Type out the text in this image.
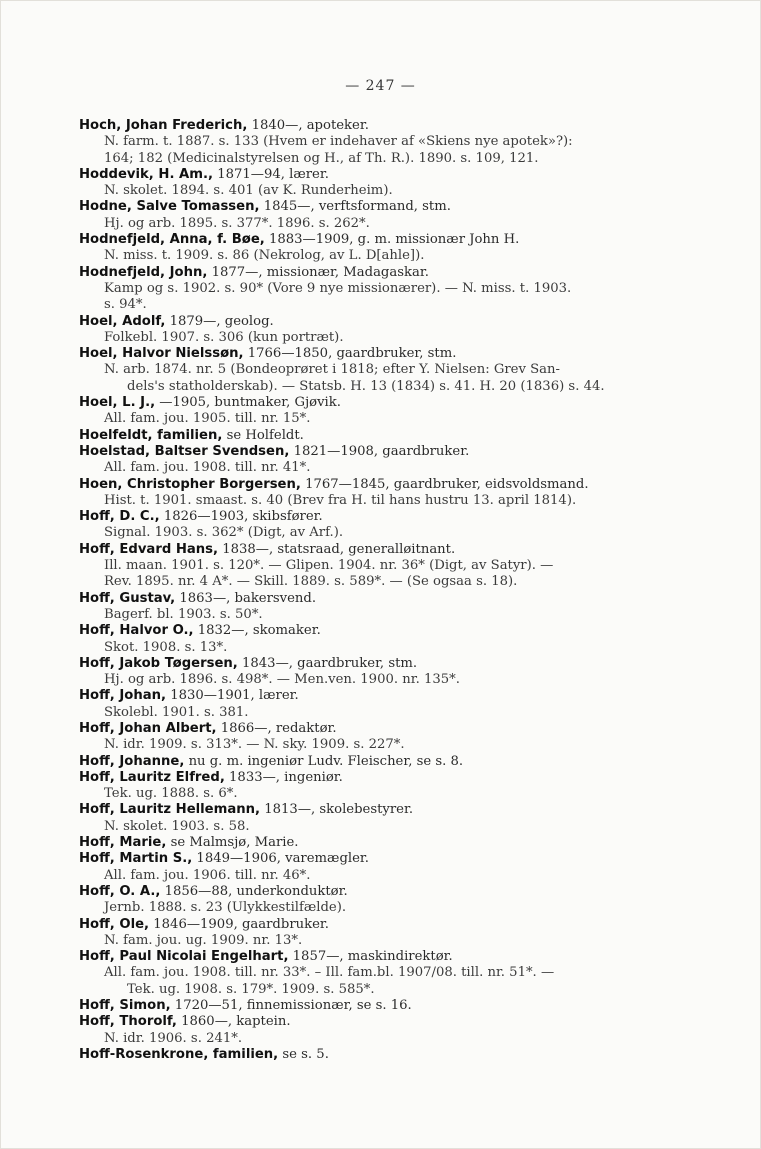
— 247 —
Hoch, Johan Frederich, 1840—, apoteker.
N. farm. t. 1887. s. 133 (Hvem er indehaver af «Skiens nye apotek»?):
164; 182 (Medicinalstyrelsen og H., af Th. R.). 1890. s. 109, 121.
Hoddevik, H. Am., 1871—94, lærer.
N. skolet. 1894. s. 401 (av K. Runderheim).
Hodne, Salve Tomassen, 1845—, verftsformand, stm.
Hj. og arb. 1895. s. 377*. 1896. s. 262*.
Hodnefjeld, Anna, f. Bøe, 1883—1909, g. m. missionær John H.
N. miss. t. 1909. s. 86 (Nekrolog, av L. D[ahle]).
Hodnefjeld, John, 1877—, missionær, Madagaskar.
Kamp og s. 1902. s. 90* (Vore 9 nye missionærer). — N. miss. t. 1903.
s. 94*.
Hoel, Adolf, 1879—, geolog.
Folkebl. 1907. s. 306 (kun portræt).
Hoel, Halvor Nielssøn, 1766—1850, gaardbruker, stm.
N. arb. 1874. nr. 5 (Bondeoprøret i 1818; efter Y. Nielsen: Grev San-
dels's statholderskab). — Statsb. H. 13 (1834) s. 41. H. 20 (1836) s. 44.
Hoel, L. J., —1905, buntmaker, Gjøvik.
All. fam. jou. 1905. till. nr. 15*.
Hoelfeldt, familien, se Holfeldt.
Hoelstad, Baltser Svendsen, 1821—1908, gaardbruker.
All. fam. jou. 1908. till. nr. 41*.
Hoen, Christopher Borgersen, 1767—1845, gaardbruker, eidsvoldsmand.
Hist. t. 1901. smaast. s. 40 (Brev fra H. til hans hustru 13. april 1814).
Hoff, D. C., 1826—1903, skibsfører.
Signal. 1903. s. 362* (Digt, av Arf.).
Hoff, Edvard Hans, 1838—, statsraad, generalløitnant.
Ill. maan. 1901. s. 120*. — Glipen. 1904. nr. 36* (Digt, av Satyr). —
Rev. 1895. nr. 4 A*. — Skill. 1889. s. 589*. — (Se ogsaa s. 18).
Hoff, Gustav, 1863—, bakersvend.
Bagerf. bl. 1903. s. 50*.
Hoff, Halvor O., 1832—, skomaker.
Skot. 1908. s. 13*.
Hoff, Jakob Tøgersen, 1843—, gaardbruker, stm.
Hj. og arb. 1896. s. 498*. — Men.ven. 1900. nr. 135*.
Hoff, Johan, 1830—1901, lærer.
Skolebl. 1901. s. 381.
Hoff, Johan Albert, 1866—, redaktør.
N. idr. 1909. s. 313*. — N. sky. 1909. s. 227*.
Hoff, Johanne, nu g. m. ingeniør Ludv. Fleischer, se s. 8.
Hoff, Lauritz Elfred, 1833—, ingeniør.
Tek. ug. 1888. s. 6*.
Hoff, Lauritz Hellemann, 1813—, skolebestyrer.
N. skolet. 1903. s. 58.
Hoff, Marie, se Malmsjø, Marie.
Hoff, Martin S., 1849—1906, varemægler.
All. fam. jou. 1906. till. nr. 46*.
Hoff, O. A., 1856—88, underkonduktør.
Jernb. 1888. s. 23 (Ulykkestilfælde).
Hoff, Ole, 1846—1909, gaardbruker.
N. fam. jou. ug. 1909. nr. 13*.
Hoff, Paul Nicolai Engelhart, 1857—, maskindirektør.
All. fam. jou. 1908. till. nr. 33*. – Ill. fam.bl. 1907/08. till. nr. 51*. —
Tek. ug. 1908. s. 179*. 1909. s. 585*.
Hoff, Simon, 1720—51, finnemissionær, se s. 16.
Hoff, Thorolf, 1860—, kaptein.
N. idr. 1906. s. 241*.
Hoff-Rosenkrone, familien, se s. 5.
